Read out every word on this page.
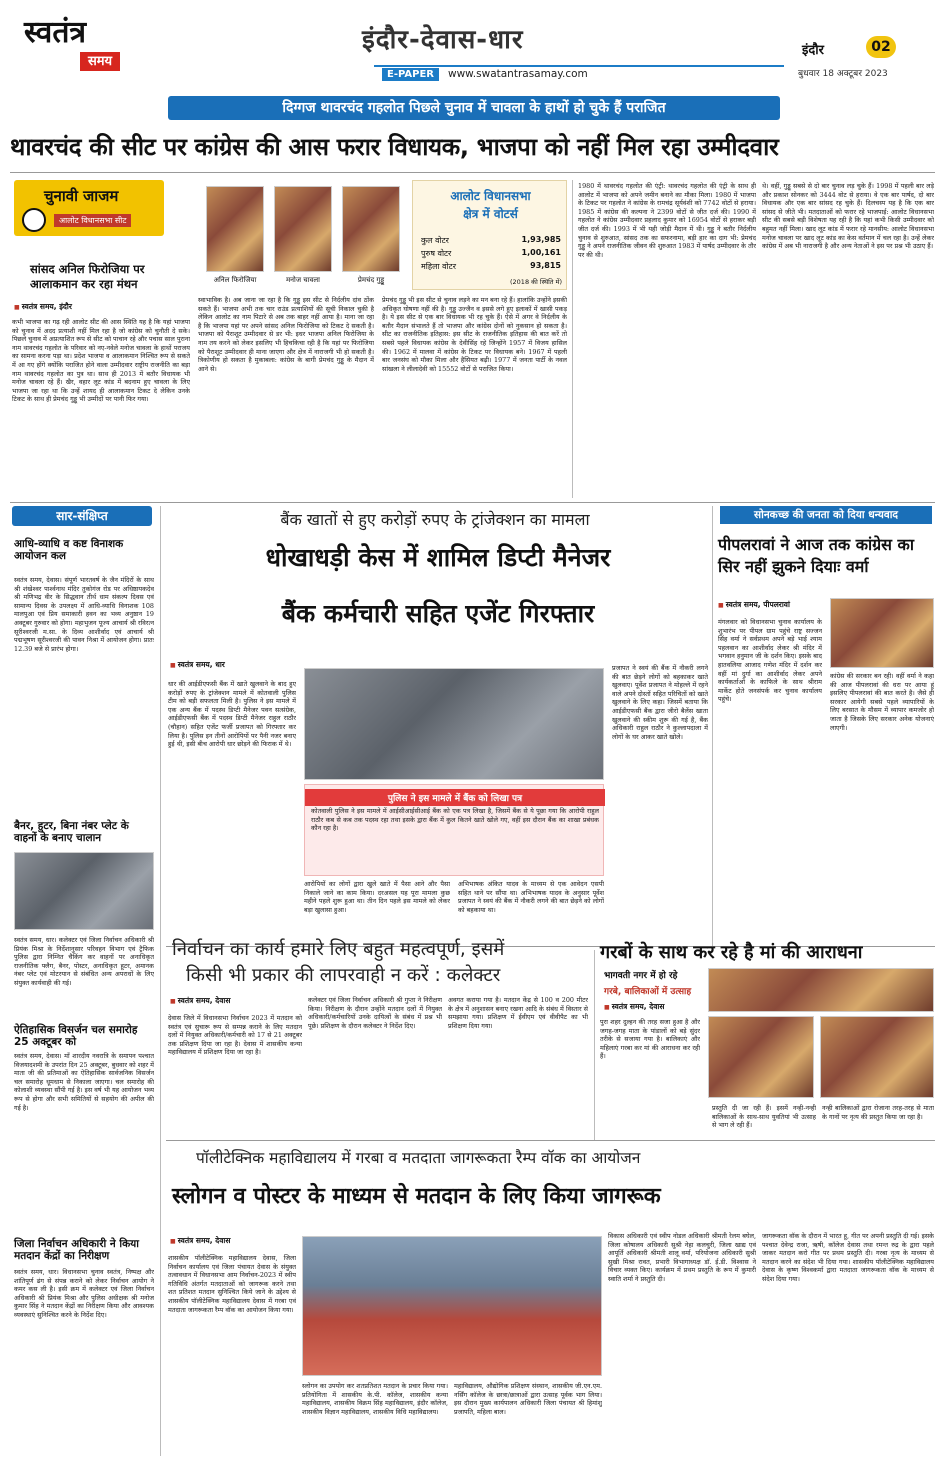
स्वतंत्र
समय
इंदौर-देवास-धार
E-PAPER	www.swatantrasamay.com
इंदौर	02
बुधवार 18 अक्टूबर 2023
दिग्गज थावरचंद गहलोत पिछले चुनाव में चावला के हाथों हो चुके हैं पराजित
थावरचंद की सीट पर कांग्रेस की आस फरार विधायक, भाजपा को नहीं मिल रहा उम्मीदवार
चुनावी जाजम
आलोट विधानसभा सीट
सांसद अनिल फिरोजिया पर आलाकमान कर रहा मंथन
■ स्वतंत्र समय, इंदौर
अनिल फिरोजिया	मनोज चावला	प्रेमचंद गुड्डू
आलोट विधानसभा
क्षेत्र में वोटर्स
कुल वोटर	1,93,985
पुरुष वोटर	1,00,161
महिला वोटर	93,815
(2018 की स्थिति में)
कभी भाजपा का गढ़ रही आलोट सीट की आस स्थिति यह है कि यहां भाजपा को चुनाव में अदद प्रत्याशी नहीं मिल रहा है जो कांग्रेस को चुनौती दे सके। पिछले चुनाव में अप्रत्याशित रूप से सीट को पाचान रहे और पचास साल पुराना नाम थावरचंद गहलोत के परिवार को नए-नवेले मनोज चावला के हाथों पराजय का सामना करना पड़ा था। प्रदेश भाजपा व आलाकमान निश्चित रूप से सकते में आ गए होंगे क्योंकि पराजित होने वाला उम्मीदवार राष्ट्रीय राजनीति का बड़ा नाम थावरचंद गहलोत का पुत्र था। साथ ही 2013 में बतौर विधायक भी मनोज चावला रहे हैं। खैर, वहार लूट कांड में बदनाम हुए चावला के लिए भाजपा जा रहा था कि उन्हें शायद ही आलाकमान टिकट दे लेकिन उनके टिकट के साथ ही प्रेमचंद गुड्डू भी उम्मीदों पर पानी फिर गया।
स्वाभाविक है। अब जाना जा रहा है कि गुड्डू इस सीट से निर्दलीय दांव ठोंक सकते हैं। भाजपा अभी तक चार राउंड प्रत्याशियों की सूची निकाल चुकी है लेकिन आलोट का नाम पिटारे से अब तक बाहर नहीं आया है। माना जा रहा है कि भाजपा यहां पर अपने सांसद अनिल फिरोजिया को टिकट दे सकती है। भाजपा को पैराशूट उम्मीदवार से डर भी: इधर भाजपा अनिल फिरोजिया के नाम तय करने को लेकर इसलिए भी हिचकिचा रही है कि यहां पर फिरोजिया को पैराशूट उम्मीदवार ही माना जाएगा और क्षेत्र में नाराजगी भी हो सकती है। त्रिकोणीय हो सकता है मुकाबला: कांग्रेस के बागी प्रेमचंद गुड्डू के मैदान में आने से।
प्रेमचंद गुड्डू भी इस सीट से चुनाव लड़ने का मन बना रहे हैं। हालांकि उन्होंने इसकी अधिकृत घोषणा नहीं की है। गुड्डू उज्जैन व इससे लगे हुए इलाकों में खासी पकड़ है। ये इस सीट से एक बार विधायक भी रह चुके हैं। ऐसे में अगर वे निर्दलीय के बतौर मैदान संभालते हैं तो भाजपा और कांग्रेस दोनों को नुकसान हो सकता है। सीट का राजनीतिक इतिहास: इस सीट के राजनीतिक इतिहास की बात करें तो सबसे पहले विधायक कांग्रेस के देवीसिंह रहे जिन्होंने 1957 में विजय हासिल की। 1962 में मालवा में कांग्रेस के टिकट पर विधायक बने। 1967 में पहली बार जनसंघ को मौका मिला और हैसियत बढ़ी। 1977 में जनता पार्टी के नवल सांखला ने लीलादेवी को 15552 वोटों से पराजित किया।
1980 में थावरचंद गहलोत की एंट्री: थावरचंद गहलोत की एंट्री के साथ ही आलोट में भाजपा को अपने जमीन बनाने का मौका मिला। 1980 में भाजपा के टिकट पर गहलोत ने कांग्रेस के रामचंद्र सूर्यवंशी को 7742 वोटों से हराया। 1985 में कांग्रेस की कल्पना ने 2399 वोटों से जीत दर्ज की। 1990 में गहलोत ने कांग्रेस उम्मीदवार प्रहलाद कुमार को 16954 वोटों से हराकर बड़ी जीत दर्ज की। 1993 में भी यही जोड़ी मैदान में थी। गुड्डू ने बतौर निर्दलीय चुनाव से शुरुआत, सांसद तक का सफरनामा, बड़ी हार का दाग भी: प्रेमचंद गुड्डू ने अपने राजनीतिक जीवन की शुरुआत 1983 में पार्षद उम्मीदवार के तौर पर की थी।
थे। वहीं, गुड्डू सबसे से दो बार चुनाव लड़ चुके हैं। 1998 में पहली बार लड़े और प्रकाश सोनकर को 3444 वोट से हराया। वे एक बार पार्षद, दो बार विधायक और एक बार सांसद रह चुके हैं। दिलचस्प यह है कि एक बार सांसद से जीते भी। मतदाताओं को फरार रहे भाजपाई: आलोट विधानसभा सीट की सबसे बड़ी विशेषता यह रही है कि यहां कभी किसी उम्मीदवार को बहुमत नहीं मिला। खाद लूट कांड में फरार रहे मानसीय: आलोट विधानसभा मनोज चावला पर खाद लूट कांड का केस वर्तमान में चल रहा है। उन्हें लेकर कांग्रेस में अब भी नाराजगी है और अन्य नेताओं ने इस पर प्रश्न भी उठाए हैं।
सार-संक्षिप्त
आधि-व्याधि व कष्ट विनाशक आयोजन कल
स्वतंत्र समय, देवास। संपूर्ण भारतवर्ष के जैन मंदिरों के साथ श्री शंखेश्वर पार्श्वनाथ मंदिर तुकोगंज रोड पर अधिष्ठायकदेव श्री मणिभद्र वीर के सिद्धवान तीर्थ धाम संकल्प दिवस एवं सामान्य दिवस के उपलक्ष्य में आधि-व्याधि विनाशक 108 मालपुआ एवं प्रिय समाकारी हवन का भव्य अनुष्ठान 19 अक्टूबर गुरुवार को होगा। महाभुजन पूज्य आचार्य श्री रविरत्न सूरीश्वरजी म.सा. के दिव्य आशीर्वाद एवं आचार्य श्री पद्मभूषण सूरीश्वरजी की पावन निश्रा में आयोजन होगा। प्रातः 12.39 बजे से प्रारंभ होगा।
बैनर, हुटर, बिना नंबर प्लेट के वाहनों के बनाए चालान
स्वतंत्र समय, धार। कलेक्टर एवं जिला निर्वाचन अधिकारी श्री प्रियंक मिश्रा के निर्देशानुसार परिवहन विभाग एवं ट्रैफिक पुलिस द्वारा निम्नित चैकिंग कर वाहनों पर अनाधिकृत राजनीतिक फ्लैग, बैनर, पोस्टर, अनाधिकृत हूटर, अमानक नंबर प्लेट एवं मोटरयान से संबंधित अन्य अपराधों के लिए संयुक्त कार्यवाही की गई।
ऐतिहासिक विसर्जन चल समारोह 25 अक्टूबर को
स्वतंत्र समय, देवास। माँ शारदीय नवरात्रि के समापन पश्चात विजयादशमी के उपरांत दिन 25 अक्टूबर, बुधवार को शहर में माता जी की प्रतिमाओं का ऐतिहासिक सार्वजनिक विसर्जन चल समारोह धूमधाम से निकाला जाएगा। चल समारोह की कोलाशी व्यवस्था सौंपी गई है। इस वर्ष भी यह आयोजन भव्य रूप से होगा और सभी समितियों से सहयोग की अपील की गई है।
जिला निर्वाचन अधिकारी ने किया मतदान केंद्रों का निरीक्षण
स्वतंत्र समय, धार। विधानसभा चुनाव स्वतंत्र, निष्पक्ष और शांतिपूर्ण ढंग से संपन्न कराने को लेकर निर्वाचन आयोग ने कमर कस ली है। इसी क्रम में कलेक्टर एवं जिला निर्वाचन अधिकारी श्री प्रियंक मिश्रा और पुलिस अधीक्षक श्री मनोज कुमार सिंह ने मतदान केंद्रों का निरीक्षण किया और आवश्यक व्यवस्थाएं सुनिश्चित करने के निर्देश दिए।
बैंक खातों से हुए करोड़ों रुपए के ट्रांजेक्शन का मामला
धोखाधड़ी केस में शामिल डिप्टी मैनेजर
बैंक कर्मचारी सहित एजेंट गिरफ्तार
■ स्वतंत्र समय, धार
धार की आईडीएफसी बैंक में खाते खुलवाने के बाद हुए करोड़ों रुपए के ट्रांजेक्शन मामले में कोतवाली पुलिस टीम को बड़ी सफलता मिली है। पुलिस ने इस मामले में एक अन्य बैंक में पदस्थ डिप्टी मैनेजर पवन सत्संग्रेक, आईडीएफसी बैंक में पदस्थ डिप्टी मैनेजर राहुल राठौर (चौहान) सहित एजेंट फर्जी प्रजापत को गिरफ्तार कर लिया है। पुलिस इन तीनों आरोपियों पर पैनी नजर बनाए हुई थी, इसी बीच आरोपी धार छोड़ने की फिराक में थे।
पुलिस ने इस मामले में बैंक को लिखा पत्र
कोतवाली पुलिस ने इस मामले में आईसीआईसीआई बैंक को एक पत्र लिखा है, जिसमें बैंक से ये पूछा गया कि आरोपी राहुल राठौर कब से कब तक पदस्थ रहा तथा इसके द्वारा बैंक में कुल कितने खाते खोले गए, वहीं इस दौरान बैंक का शाखा प्रबंधक कौन रहा है।
आरोपियों का लोगों द्वारा खुले खाते में पैसा आने और पैसा निकाले जाने का काम किया। दरअसल यह पूरा मामला कुछ महीने पहले शुरू हुआ था। तीन दिन पहले इस मामले को लेकर बड़ा खुलासा हुआ।
अभिभाषक अंकित यादव के माध्यम से एक आवेदन एसपी सहित थाने पर सौंपा था। अभिभाषक यादव के अनुसार पूर्वेश प्रजापत ने स्वयं की बैंक में नौकरी लगने की बात छेड़ने को लोगों को बहकाया था।
प्रजापत ने स्वयं की बैंक में नौकरी लगने की बात छेड़ने लोगों को बहकाकर खाते खुलवाए। पूर्वेश प्रजापत ने मोहल्ले में रहने वाले अपने दोस्तों सहित परिचितों को खाते खुलवाने के लिए कहा। जिसमें बताया कि आईडीएफसी बैंक द्वारा जीरो बैलेंस खाता खुलवाने की स्कीम शुरू की गई है, बैंक अधिकारी राहुल राठौर ने कुल्लापदाला में लोगों के घर आकर खाते खोले।
सोनकच्छ की जनता को दिया धन्यवाद
पीपलरावां ने आज तक कांग्रेस का सिर नहीं झुकने दियाः वर्मा
■ स्वतंत्र समय, पीपलरावां
मंगलवार को विधानसभा चुनाव कार्यालय के शुभारंभ पर पीपल ग्राम पहुंचे राष्ट्र सज्जन सिंह वर्मा ने सर्वप्रथम अपने बड़े भाई श्याम पहलवान का आशीर्वाद लेकर श्री मंदिर में भगवान हनुमान जी के दर्शन किए। इसके बाद हातवलिया आजाद गणेश मंदिर में दर्शन कर वहीं मां दुर्गा का आशीर्वाद लेकर अपने कार्यकर्ताओं के काफिले के साथ श्रीराम मार्केट होते जनसंपर्क कर चुनाव कार्यालय पहुंचे।
कांग्रेस की सरकार बन रही। वहीं वर्मा ने कहा की आज पीपलरावां की धरा पर आया हूं इसलिए पीपलरावां की बात करते है। जैसे ही सरकार आयेगी सबसे पहले व्यापारियों के लिए बरसात के मौसम में व्यापार कमजोर हो जाता है जिसके लिए सरकार अनेक योजनाएं लाएगी।
निर्वाचन का कार्य हमारे लिए बहुत महत्वपूर्ण, इसमें
किसी भी प्रकार की लापरवाही न करें : कलेक्टर
■ स्वतंत्र समय, देवास
देवास जिले में विधानसभा निर्वाचन 2023 में मतदान को स्वतंत्र एवं सुचारू रूप से सम्पन्न कराने के लिए मतदान दलों में नियुक्त अधिकारी/कर्मचारी को 17 से 21 अक्टूबर तक प्रशिक्षण दिया जा रहा है। देवास में शासकीय कन्या महाविद्यालय में प्रशिक्षण दिया जा रहा है।
कलेक्टर एवं जिला निर्वाचन अधिकारी श्री गुप्ता ने निरीक्षण किया। निरीक्षण के दौरान उन्होंने मतदान दलों में नियुक्त अधिकारी/कर्मचारियों उनके दायित्वों के संबंध में प्रश्न भी पूछे। प्रशिक्षण के दौरान कलेक्टर ने निर्देश दिए।
अवगत कराया गया है। मतदान केंद्र से 100 व 200 मीटर के क्षेत्र में अनुशासन बनाए रखना आदि के संबंध में विस्तार से समझाया गया। प्रशिक्षण में ईवीएम एवं वीवीपैट का भी प्रशिक्षण दिया गया।
गरबों के साथ कर रहे है मां की आराधना
भागवती नगर में हो रहे
गरबे, बालिकाओं में उत्साह
■ स्वतंत्र समय, देवास
पुरा शहर दुल्हन की तरह सजा हुआ है और जगह-जगह माता के पांडालों को बड़े सुंदर तरीके से सजाया गया है। बालिकाएं और महिलाएं गरबा कर मां की आराधना कर रही हैं।
प्रस्तुति दी जा रही हैं। इसमें नन्ही-नन्ही बालिकाओं के साथ-साथ युवतियां भी उत्साह से भाग ले रही हैं।
नन्ही बालिकाओं द्वारा रोजाना तरह-तरह से माता के गानों पर नृत्य की प्रस्तुत किया जा रहा है।
पॉलीटेक्निक महाविद्यालय में गरबा व मतदाता जागरूकता रैम्प वॉक का आयोजन
स्लोगन व पोस्टर के माध्यम से मतदान के लिए किया जागरूक
■ स्वतंत्र समय, देवास
शासकीय पॉलीटेक्निक महाविद्यालय देवास, जिला निर्वाचन कार्यालय एवं जिला पंचायत देवास के संयुक्त तत्वावधान में विधानसभा आम निर्वाचन-2023 में स्वीप गतिविधि अंतर्गत मतदाताओं को जागरूक करने तथा शत प्रतिशत मतदान सुनिश्चित किये जाने के उद्देश्य से शासकीय पॉलीटेक्निक महाविद्यालय देवास में गरबा एवं मतदाता जागरूकता रैम्प वॉक का आयोजन किया गया।
स्लोगन का उपयोग कर शतप्रतिशत मतदान के प्रचार किया गया। प्रतियोगिता में शासकीय के.पी. कॉलेज, शासकीय कन्या महाविद्यालय, शासकीय विक्रम सिंह महाविद्यालय, इंदौर कॉलेज, शासकीय विज्ञान महाविद्यालय, शासकीय विधि महाविद्यालय।
महाविद्यालय, औद्योगिक प्रशिक्षण संस्थान, शासकीय जी.एन.एम. नर्सिंग कॉलेज के छात्रा/छात्राओं द्वारा उत्साह पूर्वक भाग लिया। इस दौरान मुख्य कार्यपालन अधिकारी जिला पंचायत श्री हिमांशु प्रजापति, महिला बाल।
विकास अधिकारी एवं स्वीप नोडल अधिकारी श्रीमती रेलम बघेल, जिला कोषालय अधिकारी सुश्री नेहा कलचुरी, जिला खाद्य एवं आपूर्ति अधिकारी श्रीमती शालू वर्मा, परियोजना अधिकारी सुश्री सुखी मिश्रा रावत, प्रभारी विभागाध्यक्ष डॉ. ई.डी. विश्वास ने विचार व्यक्त किए। कार्यक्रम में प्रथम प्रस्तुति के रूप में कुमारी स्वाति शर्मा ने प्रस्तुति दी।
जागरूकता वॉक के दौरान में भारत हू, गीत पर अपनी प्रस्तुति दी गई। इसके पश्चात देवेन्द्र राजा, ऋषी, कॉलेज देवास तथा रमन्त रुद्र के द्वारा पहले जाकर मतदान करो गीत पर प्रथम प्रस्तुति दी। गरबा नृत्य के माध्यम से मतदान करने का संदेश भी दिया गया। शासकीय पॉलीटेक्निक महाविद्यालय देवास के कृष्ण विश्वकर्मा द्वारा मतदाता जागरूकता वॉक के माध्यम से संदेश दिया गया।
